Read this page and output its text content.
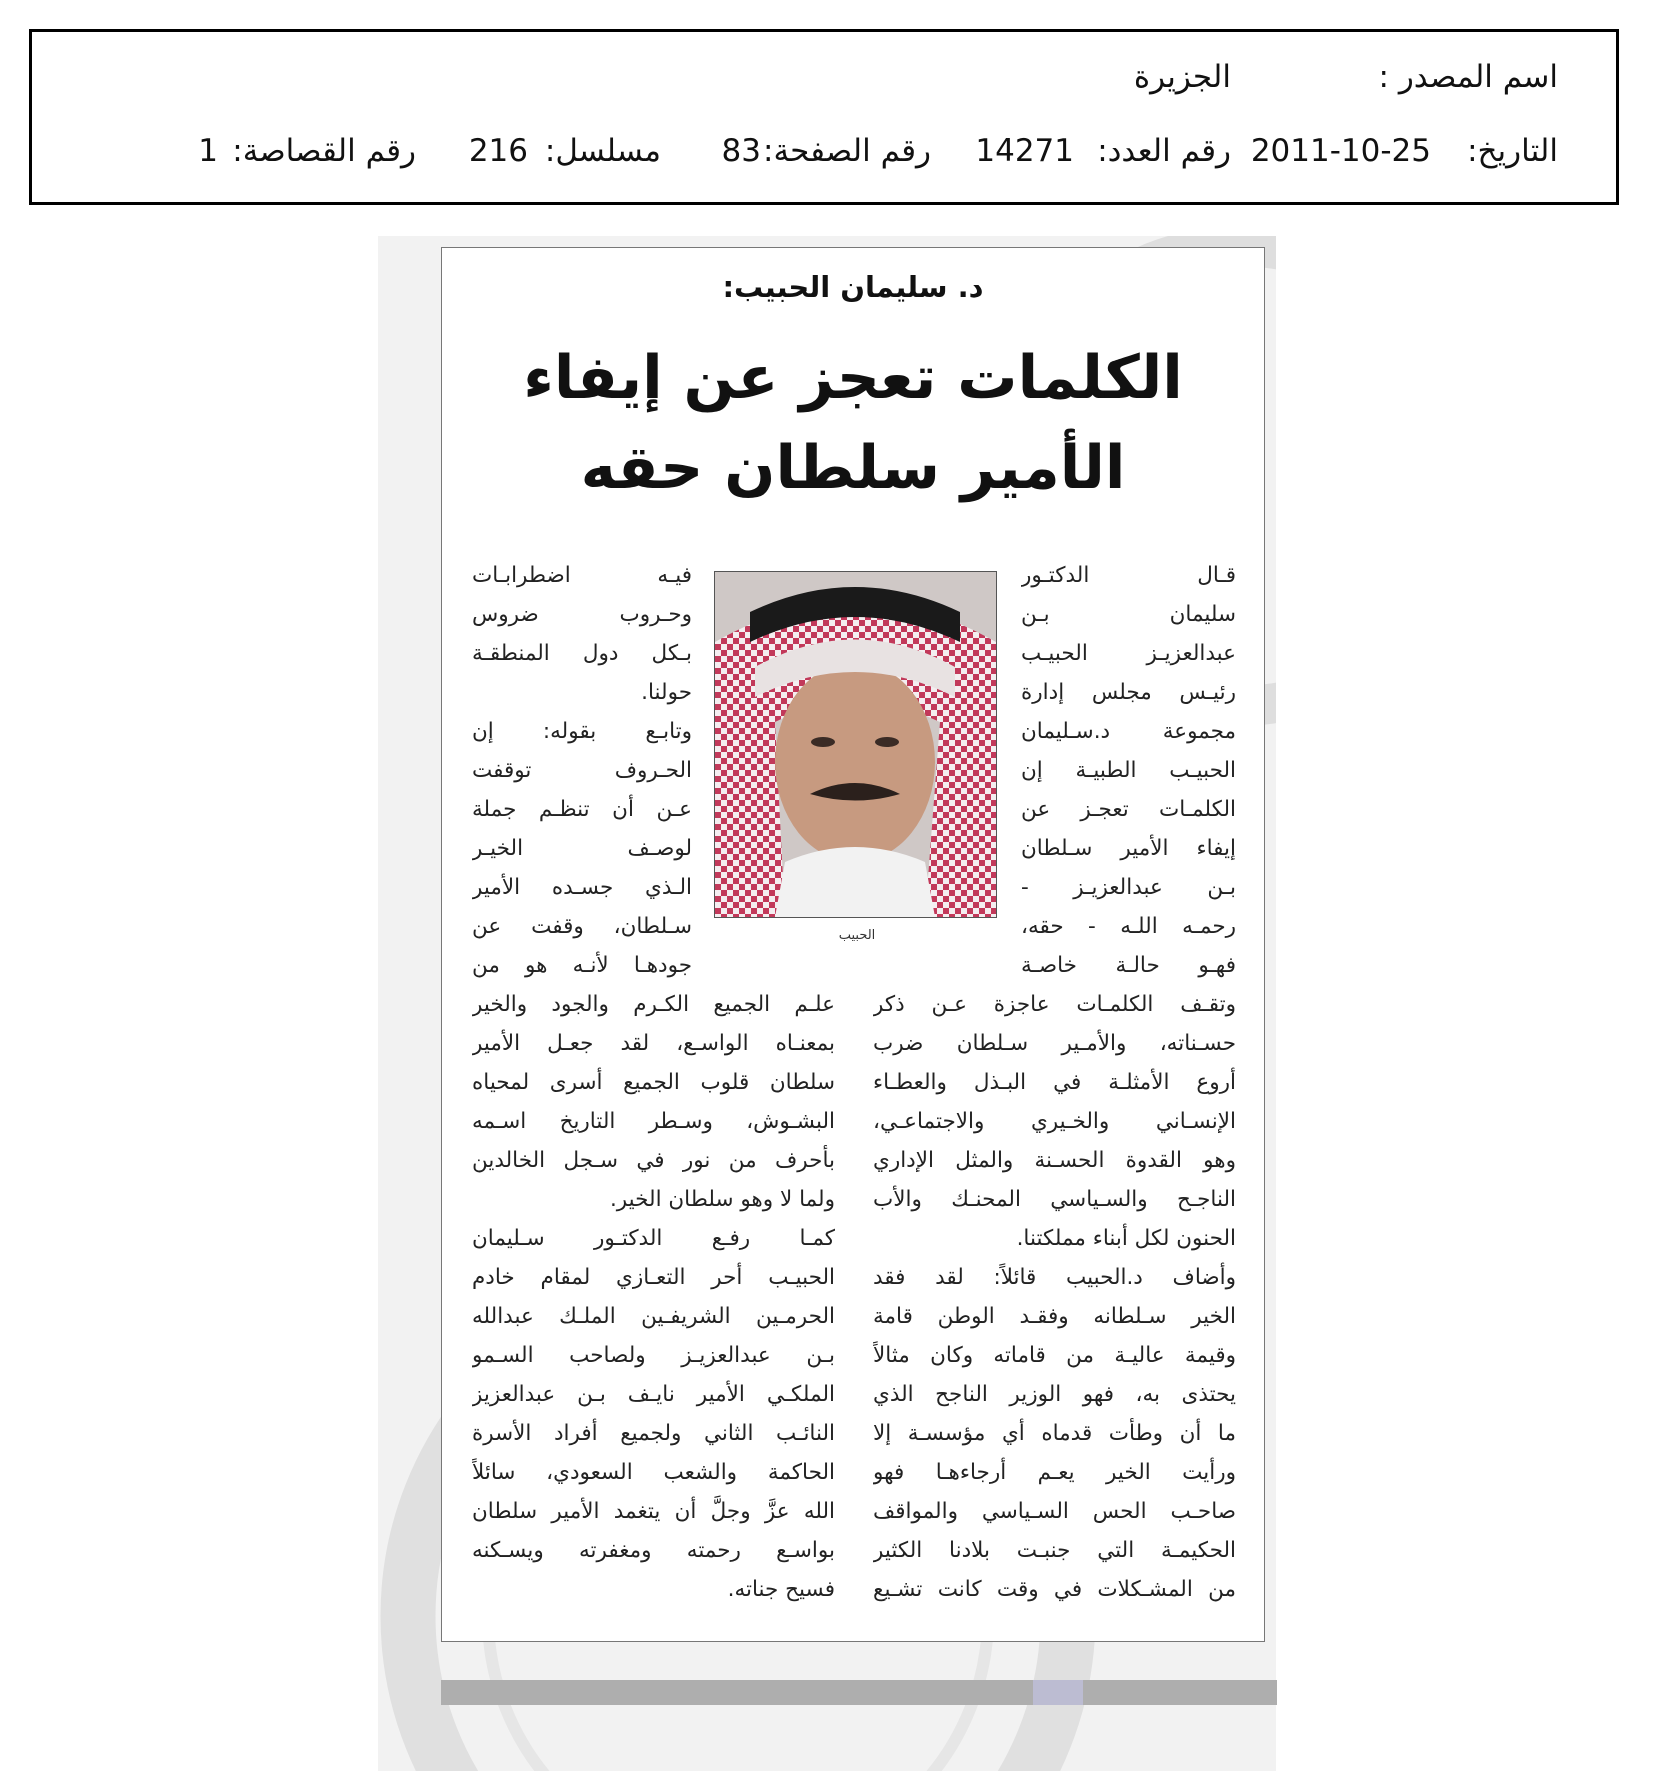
اسم المصدر :
الجزيرة
التاريخ:
2011-10-25
رقم العدد:
14271
رقم الصفحة:
83
مسلسل:
216
رقم القصاصة:
1
د. سليمان الحبيب:
الكلمات تعجز عن إيفاء
الأمير سلطان حقه
قـال الدكتـور
سليمان بـن
عبدالعزيـز الحبيـب
رئيـس مجلس إدارة
مجموعة د.سـليمان
الحبيـب الطبيـة إن
الكلمـات تعجـز عن
إيفاء الأمير سـلطان
بـن عبدالعزيـز -
رحمـه اللـه - حقه،
فهـو حالـة خاصـة
فيـه اضطرابـات
وحـروب ضروس
بـكل دول المنطقـة
حولنا.
وتابـع بقوله: إن
الحـروف توقفت
عـن أن تنظـم جملة
لوصـف الخيـر
الـذي جسـده الأمير
سـلطان، وقفت عن
جودهـا لأنـه هو من
الحبيب
وتقـف الكلمـات عاجزة عـن ذكر
حسـناته، والأمـير سـلطان ضرب
أروع الأمثلـة في البـذل والعطـاء
الإنسـاني والخـيري والاجتماعـي،
وهو القدوة الحسـنة والمثل الإداري
الناجـح والسـياسي المحنـك والأب
الحنون لكل أبناء مملكتنا.
وأضاف د.الحبيب قائلاً: لقد فقد
الخير سـلطانه وفقـد الوطن قامة
وقيمة عاليـة من قاماته وكان مثالاً
يحتذى به، فهو الوزير الناجح الذي
ما أن وطأت قدماه أي مؤسسـة إلا
ورأيت الخير يعـم أرجاءهـا فهو
صاحـب الحس السـياسي والمواقف
الحكيمـة التي جنبـت بلادنا الكثير
من المشـكلات في وقت كانت تشـيع
علـم الجميع الكـرم والجود والخير
بمعنـاه الواسـع، لقد جعـل الأمير
سلطان قلوب الجميع أسرى لمحياه
البشـوش، وسـطر التاريخ اسـمه
بأحرف من نور في سـجل الخالدين
ولما لا وهو سلطان الخير.
كمـا رفـع الدكتـور سـليمان
الحبيـب أحر التعـازي لمقام خادم
الحرمـين الشريفـين الملـك عبدالله
بـن عبدالعزيـز ولصاحب السـمو
الملكـي الأمير نايـف بـن عبدالعزيز
النائـب الثاني ولجميع أفراد الأسرة
الحاكمة والشعب السعودي، سائلاً
الله عزَّ وجلَّ أن يتغمد الأمير سلطان
بواسـع رحمته ومغفرته ويسـكنه
فسيح جناته.
